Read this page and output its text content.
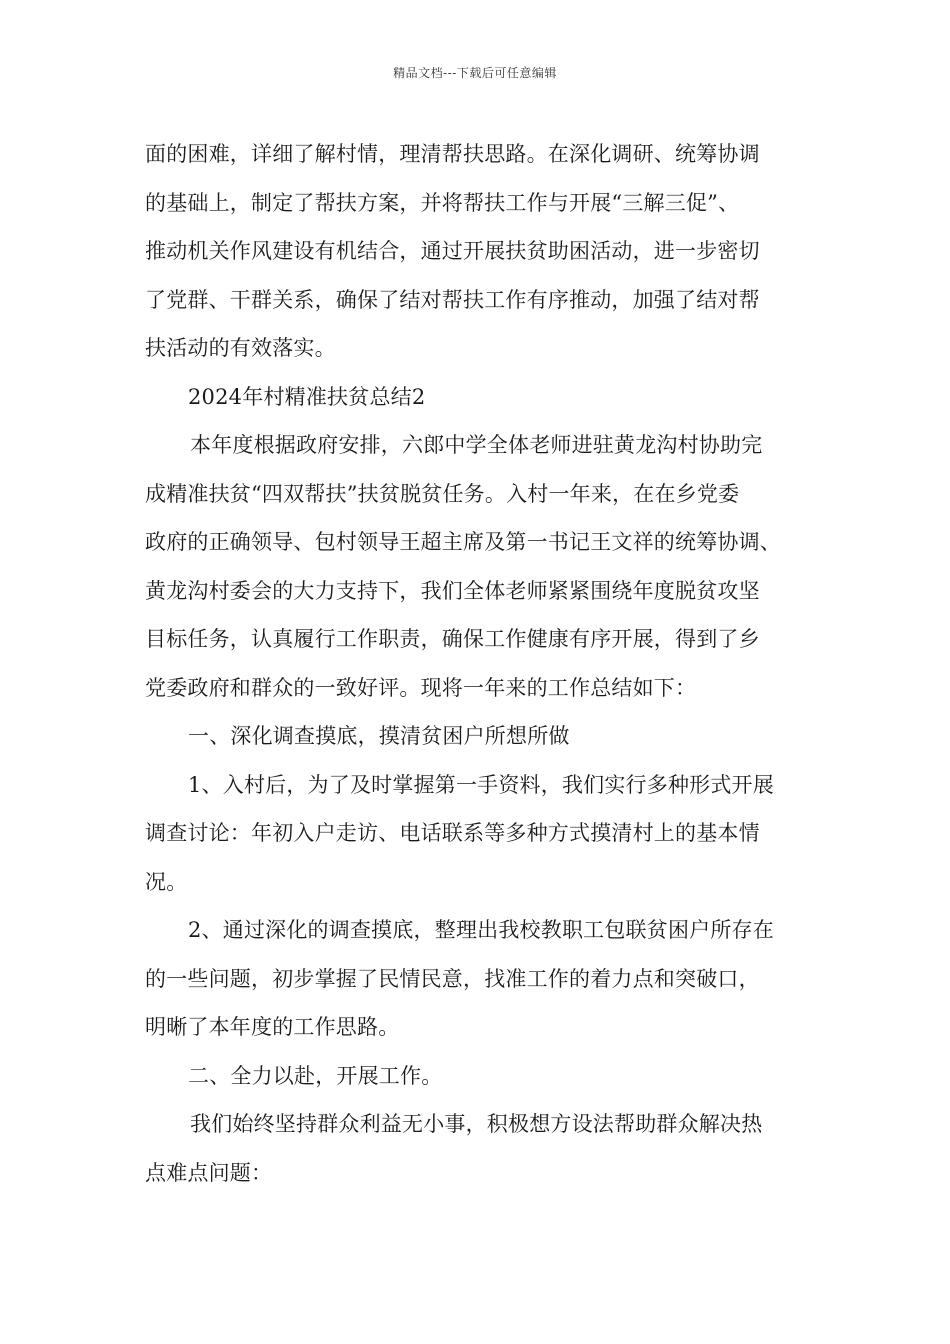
精品文档---下载后可任意编辑
面的困难，详细了解村情，理清帮扶思路。在深化调研、统筹协调
的基础上，制定了帮扶方案，并将帮扶工作与开展“三解三促”、
推动机关作风建设有机结合，通过开展扶贫助困活动，进一步密切
了党群、干群关系，确保了结对帮扶工作有序推动，加强了结对帮
扶活动的有效落实。
2024年村精准扶贫总结2
本年度根据政府安排，六郎中学全体老师进驻黄龙沟村协助完
成精准扶贫“四双帮扶”扶贫脱贫任务。入村一年来，在在乡党委
政府的正确领导、包村领导王超主席及第一书记王文祥的统筹协调、
黄龙沟村委会的大力支持下，我们全体老师紧紧围绕年度脱贫攻坚
目标任务，认真履行工作职责，确保工作健康有序开展，得到了乡
党委政府和群众的一致好评。现将一年来的工作总结如下：
一、深化调查摸底，摸清贫困户所想所做
1、入村后，为了及时掌握第一手资料，我们实行多种形式开展
调查讨论：年初入户走访、电话联系等多种方式摸清村上的基本情
况。
2、通过深化的调查摸底，整理出我校教职工包联贫困户所存在
的一些问题，初步掌握了民情民意，找准工作的着力点和突破口，
明晰了本年度的工作思路。
二、全力以赴，开展工作。
我们始终坚持群众利益无小事，积极想方设法帮助群众解决热
点难点问题：
